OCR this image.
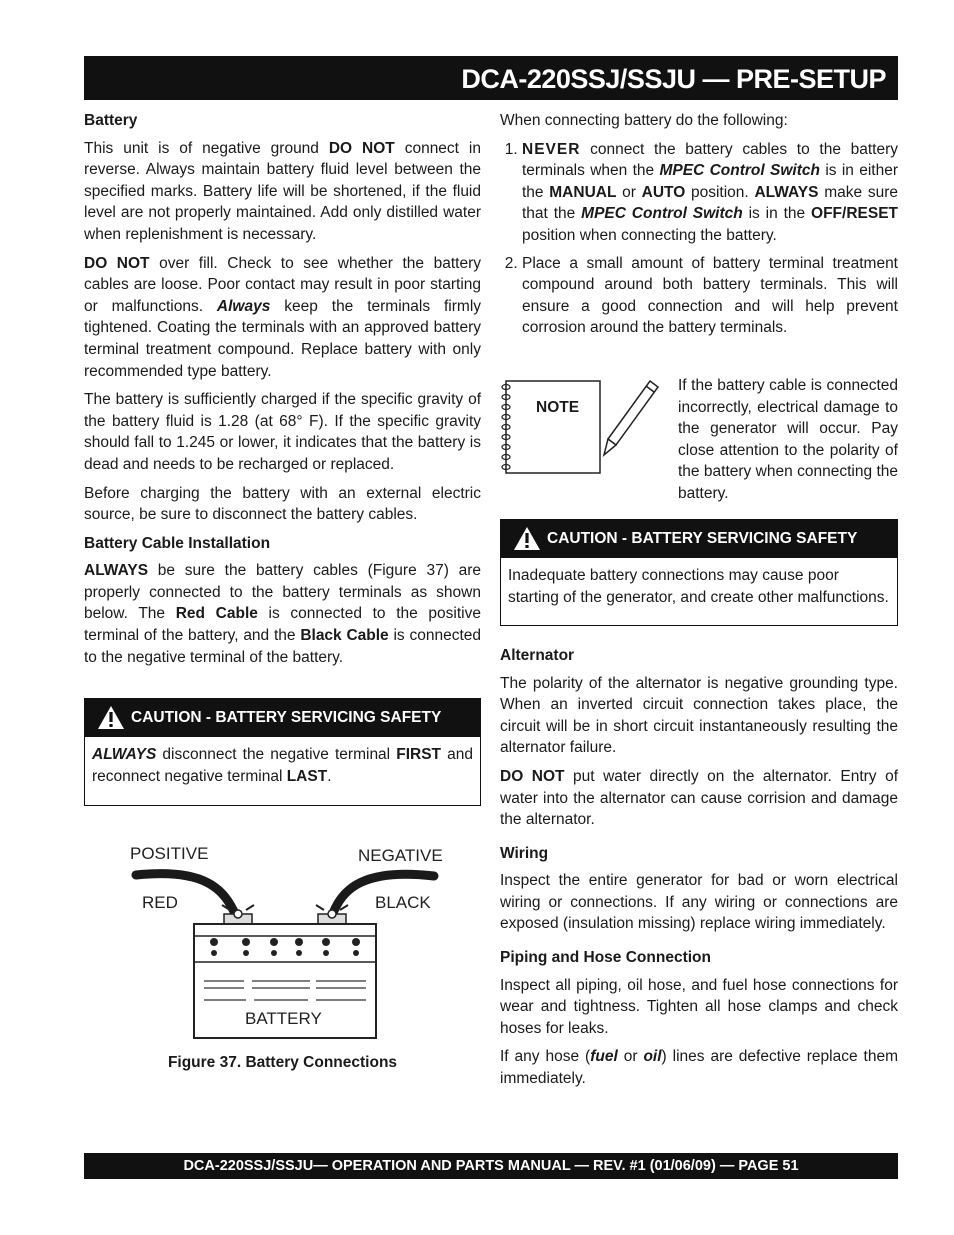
DCA-220SSJ/SSJU — PRE-SETUP
Battery

This unit is of negative ground DO NOT connect in reverse. Always maintain battery fluid level between the specified marks. Battery life will be shortened, if the fluid level are not properly maintained. Add only distilled water when replenishment is necessary.

DO NOT over fill. Check to see whether the battery cables are loose. Poor contact may result in poor starting or malfunctions. Always keep the terminals firmly tightened. Coating the terminals with an approved battery terminal treatment compound. Replace battery with only recommended type battery.

The battery is sufficiently charged if the specific gravity of the battery fluid is 1.28 (at 68° F). If the specific gravity should fall to 1.245 or lower, it indicates that the battery is dead and needs to be recharged or replaced.

Before charging the battery with an external electric source, be sure to disconnect the battery cables.

Battery Cable Installation

ALWAYS be sure the battery cables (Figure 37) are properly connected to the battery terminals as shown below. The Red Cable is connected to the positive terminal of the battery, and the Black Cable is connected to the negative terminal of the battery.

CAUTION - BATTERY SERVICING SAFETY
ALWAYS disconnect the negative terminal FIRST and reconnect negative terminal LAST.
POSITIVE	NEGATIVE
RED	BLACK
BATTERY
Figure 37. Battery Connections

When connecting battery do the following:

1. NEVER connect the battery cables to the battery terminals when the MPEC Control Switch is in either the MANUAL or AUTO position. ALWAYS make sure that the MPEC Control Switch is in the OFF/RESET position when connecting the battery.
2. Place a small amount of battery terminal treatment compound around both battery terminals. This will ensure a good connection and will help prevent corrosion around the battery terminals.
NOTE
If the battery cable is connected incorrectly, electrical damage to the generator will occur. Pay close attention to the polarity of the battery when connecting the battery.
CAUTION - BATTERY SERVICING SAFETY
Inadequate battery connections may cause poor starting of the generator, and create other malfunctions.
Alternator

The polarity of the alternator is negative grounding type. When an inverted circuit connection takes place, the circuit will be in short circuit instantaneously resulting the alternator failure.

DO NOT put water directly on the alternator. Entry of water into the alternator can cause corrision and damage the alternator.

Wiring

Inspect the entire generator for bad or worn electrical wiring or connections. If any wiring or connections are exposed (insulation missing) replace wiring immediately.

Piping and Hose Connection

Inspect all piping, oil hose, and fuel hose connections for wear and tightness. Tighten all hose clamps and check hoses for leaks.

If any hose (fuel or oil) lines are defective replace them immediately.

DCA-220SSJ/SSJU— OPERATION AND PARTS MANUAL — REV. #1 (01/06/09) — PAGE 51
